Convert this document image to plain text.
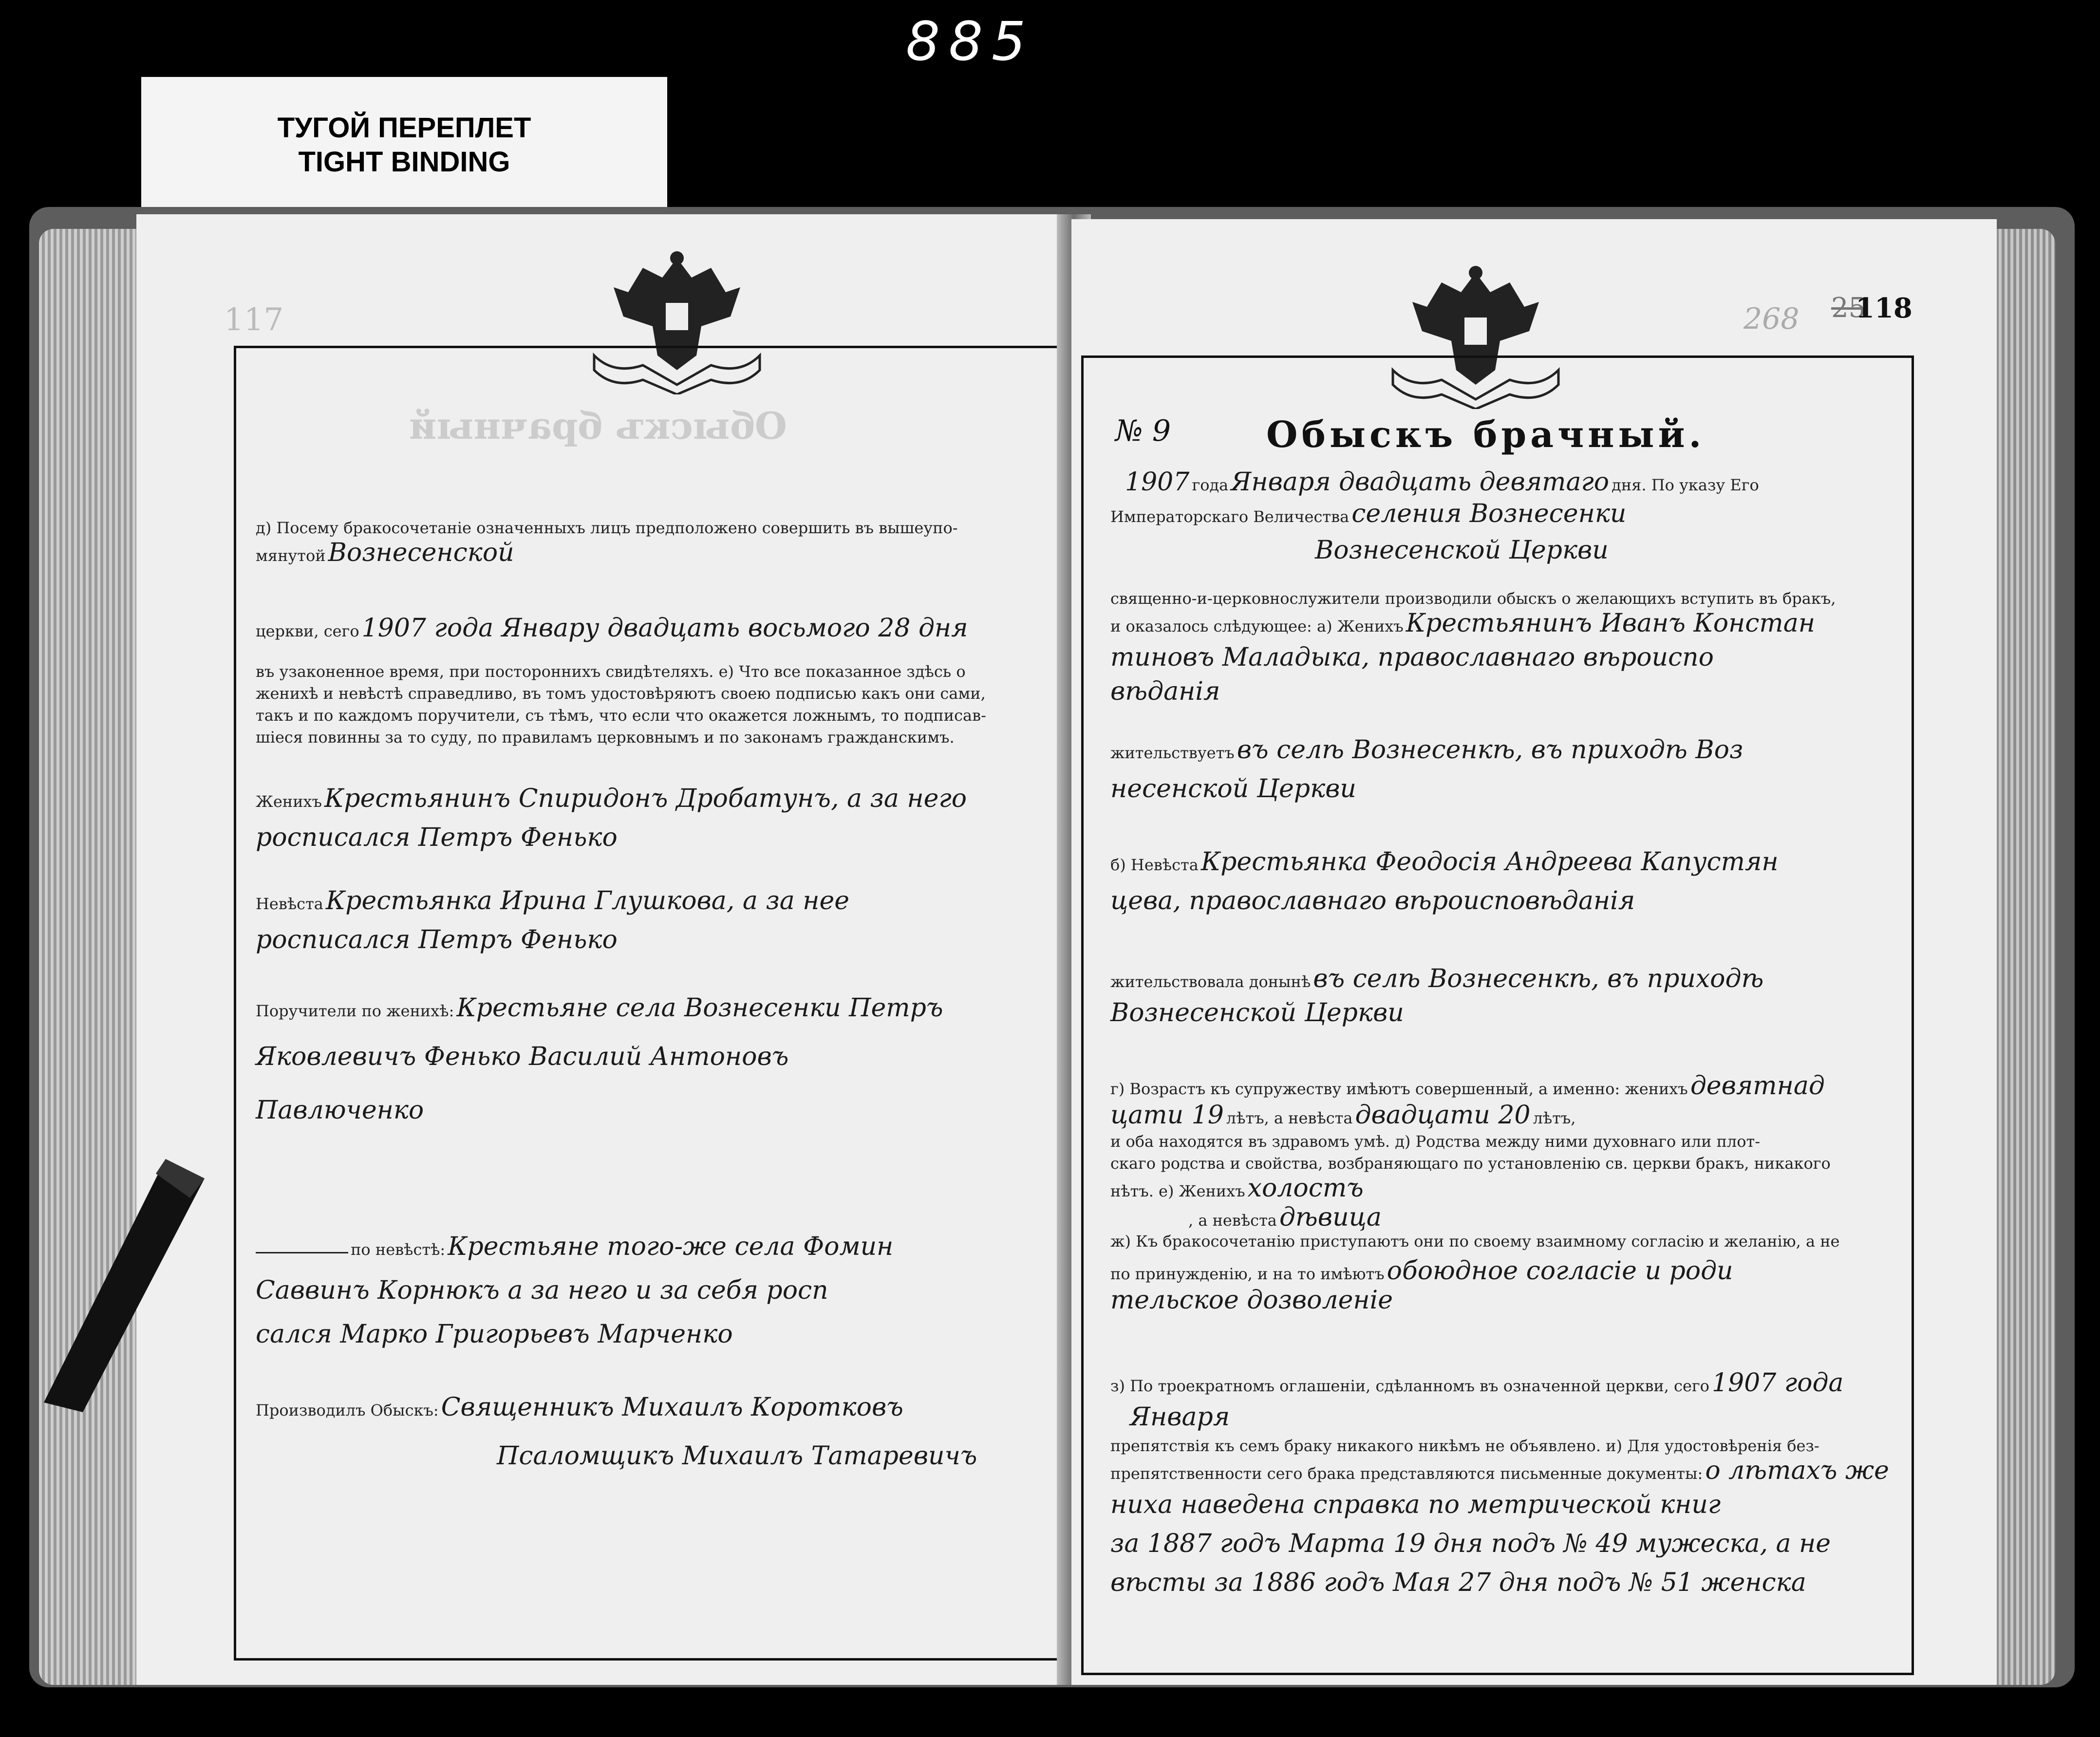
885
ТУГОЙ ПЕРЕПЛЕТ
TIGHT BINDING
117
Обыскъ брачный
д) Посему бракосочетаніе означенныхъ лицъ предположено совершить въ вышеупо-
мянутой Вознесенской
церкви, сего 1907 года Январу двадцать восьмого 28 дня
въ узаконенное время, при постороннихъ свидѣтеляхъ. е) Что все показанное здѣсь о
женихѣ и невѣстѣ справедливо, въ томъ удостовѣряютъ своею подписью какъ они сами,
такъ и по каждомъ поручители, съ тѣмъ, что если что окажется ложнымъ, то подписав-
шіеся повинны за то суду, по правиламъ церковнымъ и по законамъ гражданскимъ.
Женихъ Крестьянинъ Спиридонъ Дробатунъ, а за него
росписался Петръ Фенько
Невѣста Крестьянка Ирина Глушкова, а за нее
росписался Петръ Фенько
Поручители по женихѣ: Крестьяне села Вознесенки Петръ
Яковлевичъ Фенько Василий Антоновъ
Павлюченко
по невѣстѣ: Крестьяне того-же села Фомин
Саввинъ Корнюкъ а за него и за себя росп
сался Марко Григорьевъ Марченко
Производилъ Обыскъ: Священникъ Михаилъ Коротковъ
Псаломщикъ Михаилъ Татаревичъ
268 25
118
№ 9	Обыскъ брачный.
1907 года Января двадцать девятаго дня. По указу Его
Императорскаго Величества селения Вознесенки
Вознесенской Церкви
священно-и-церковнослужители производили обыскъ о желающихъ вступить въ бракъ,
и оказалось слѣдующее: а) Женихъ Крестьянинъ Иванъ Констан
тиновъ Маладыка, православнаго вѣроиспо
вѣданія
жительствуетъ въ селѣ Вознесенкѣ, въ приходѣ Воз
несенской Церкви
б) Невѣста Крестьянка Феодосія Андреева Капустян
цева, православнаго вѣроисповѣданія
жительствовала донынѣ въ селѣ Вознесенкѣ, въ приходѣ
Вознесенской Церкви
г) Возрастъ къ супружеству имѣютъ совершенный, а именно: женихъ девятнад
цати 19 лѣтъ, а невѣста двадцати 20 лѣтъ,
и оба находятся въ здравомъ умѣ. д) Родства между ними духовнаго или плот-
скаго родства и свойства, возбраняющаго по установленію св. церкви бракъ, никакого
нѣтъ. е) Женихъ холостъ
, а невѣста дѣвица
ж) Къ бракосочетанію приступаютъ они по своему взаимному согласію и желанію, а не
по принужденію, и на то имѣютъ обоюдное согласіе и роди
тельское дозволеніе
з) По троекратномъ оглашеніи, сдѣланномъ въ означенной церкви, сего 1907 года
Января
препятствія къ семъ браку никакого никѣмъ не объявлено. и) Для удостовѣренія без-
препятственности сего брака представляются письменные документы: о лѣтахъ же
ниха наведена справка по метрической книг
за 1887 годъ Марта 19 дня подъ № 49 мужеска, а не
вѣсты за 1886 годъ Мая 27 дня подъ № 51 женска
